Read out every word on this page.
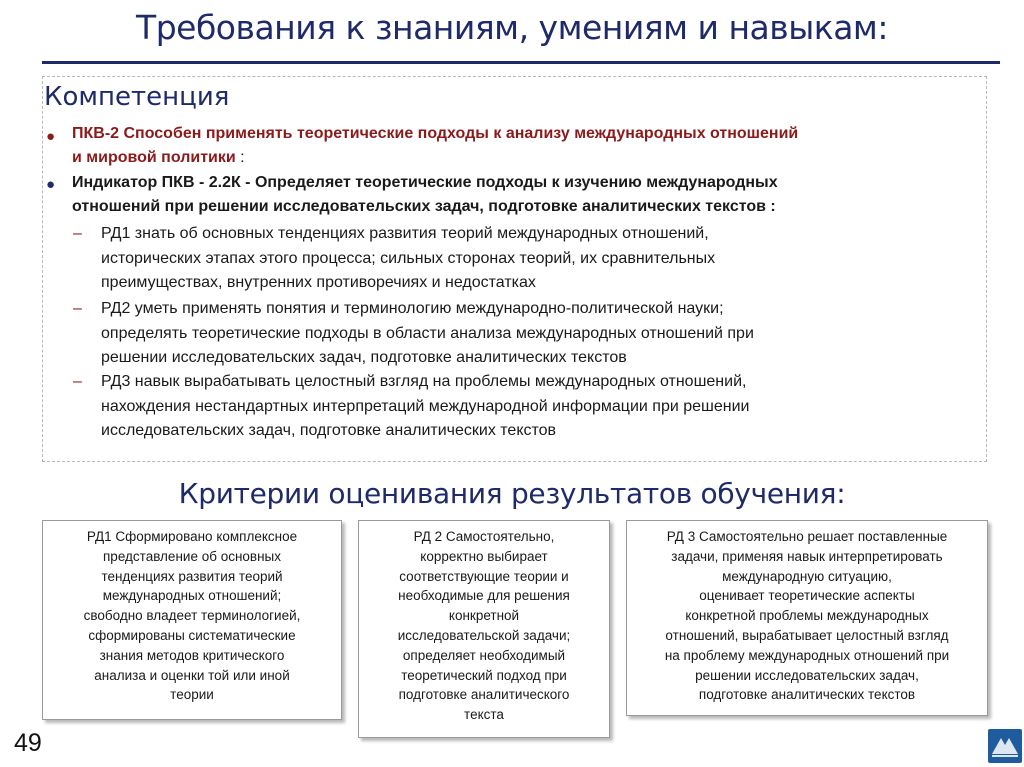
Требования к знаниям, умениям и навыкам:
Компетенция
● ПКВ-2 Способен применять теоретические подходы к анализу международных отношений
и мировой политики :
● Индикатор ПКВ - 2.2К - Определяет теоретические подходы к изучению международных
отношений при решении исследовательских задач, подготовке аналитических текстов :
– РД1 знать об основных тенденциях развития теорий международных отношений,
исторических этапах этого процесса; сильных сторонах теорий, их сравнительных
преимуществах, внутренних противоречиях и недостатках
– РД2 уметь применять понятия и терминологию международно-политической науки;
определять теоретические подходы в области анализа международных отношений при
решении исследовательских задач, подготовке аналитических текстов
– РД3 навык вырабатывать целостный взгляд на проблемы международных отношений,
нахождения нестандартных интерпретаций международной информации при решении
исследовательских задач, подготовке аналитических текстов
Критерии оценивания результатов обучения:
РД1 Сформировано комплексное
представление об основных
тенденциях развития теорий
международных отношений;
свободно владеет терминологией,
сформированы систематические
знания методов критического
анализа и оценки той или иной
теории
РД 2 Самостоятельно,
корректно выбирает
соответствующие теории и
необходимые для решения
конкретной
исследовательской задачи;
определяет необходимый
теоретический подход при
подготовке аналитического
текста
РД 3 Самостоятельно решает поставленные
задачи, применяя навык интерпретировать
международную ситуацию,
оценивает теоретические аспекты
конкретной проблемы международных
отношений, вырабатывает целостный взгляд
на проблему международных отношений при
решении исследовательских задач,
подготовке аналитических текстов
49
